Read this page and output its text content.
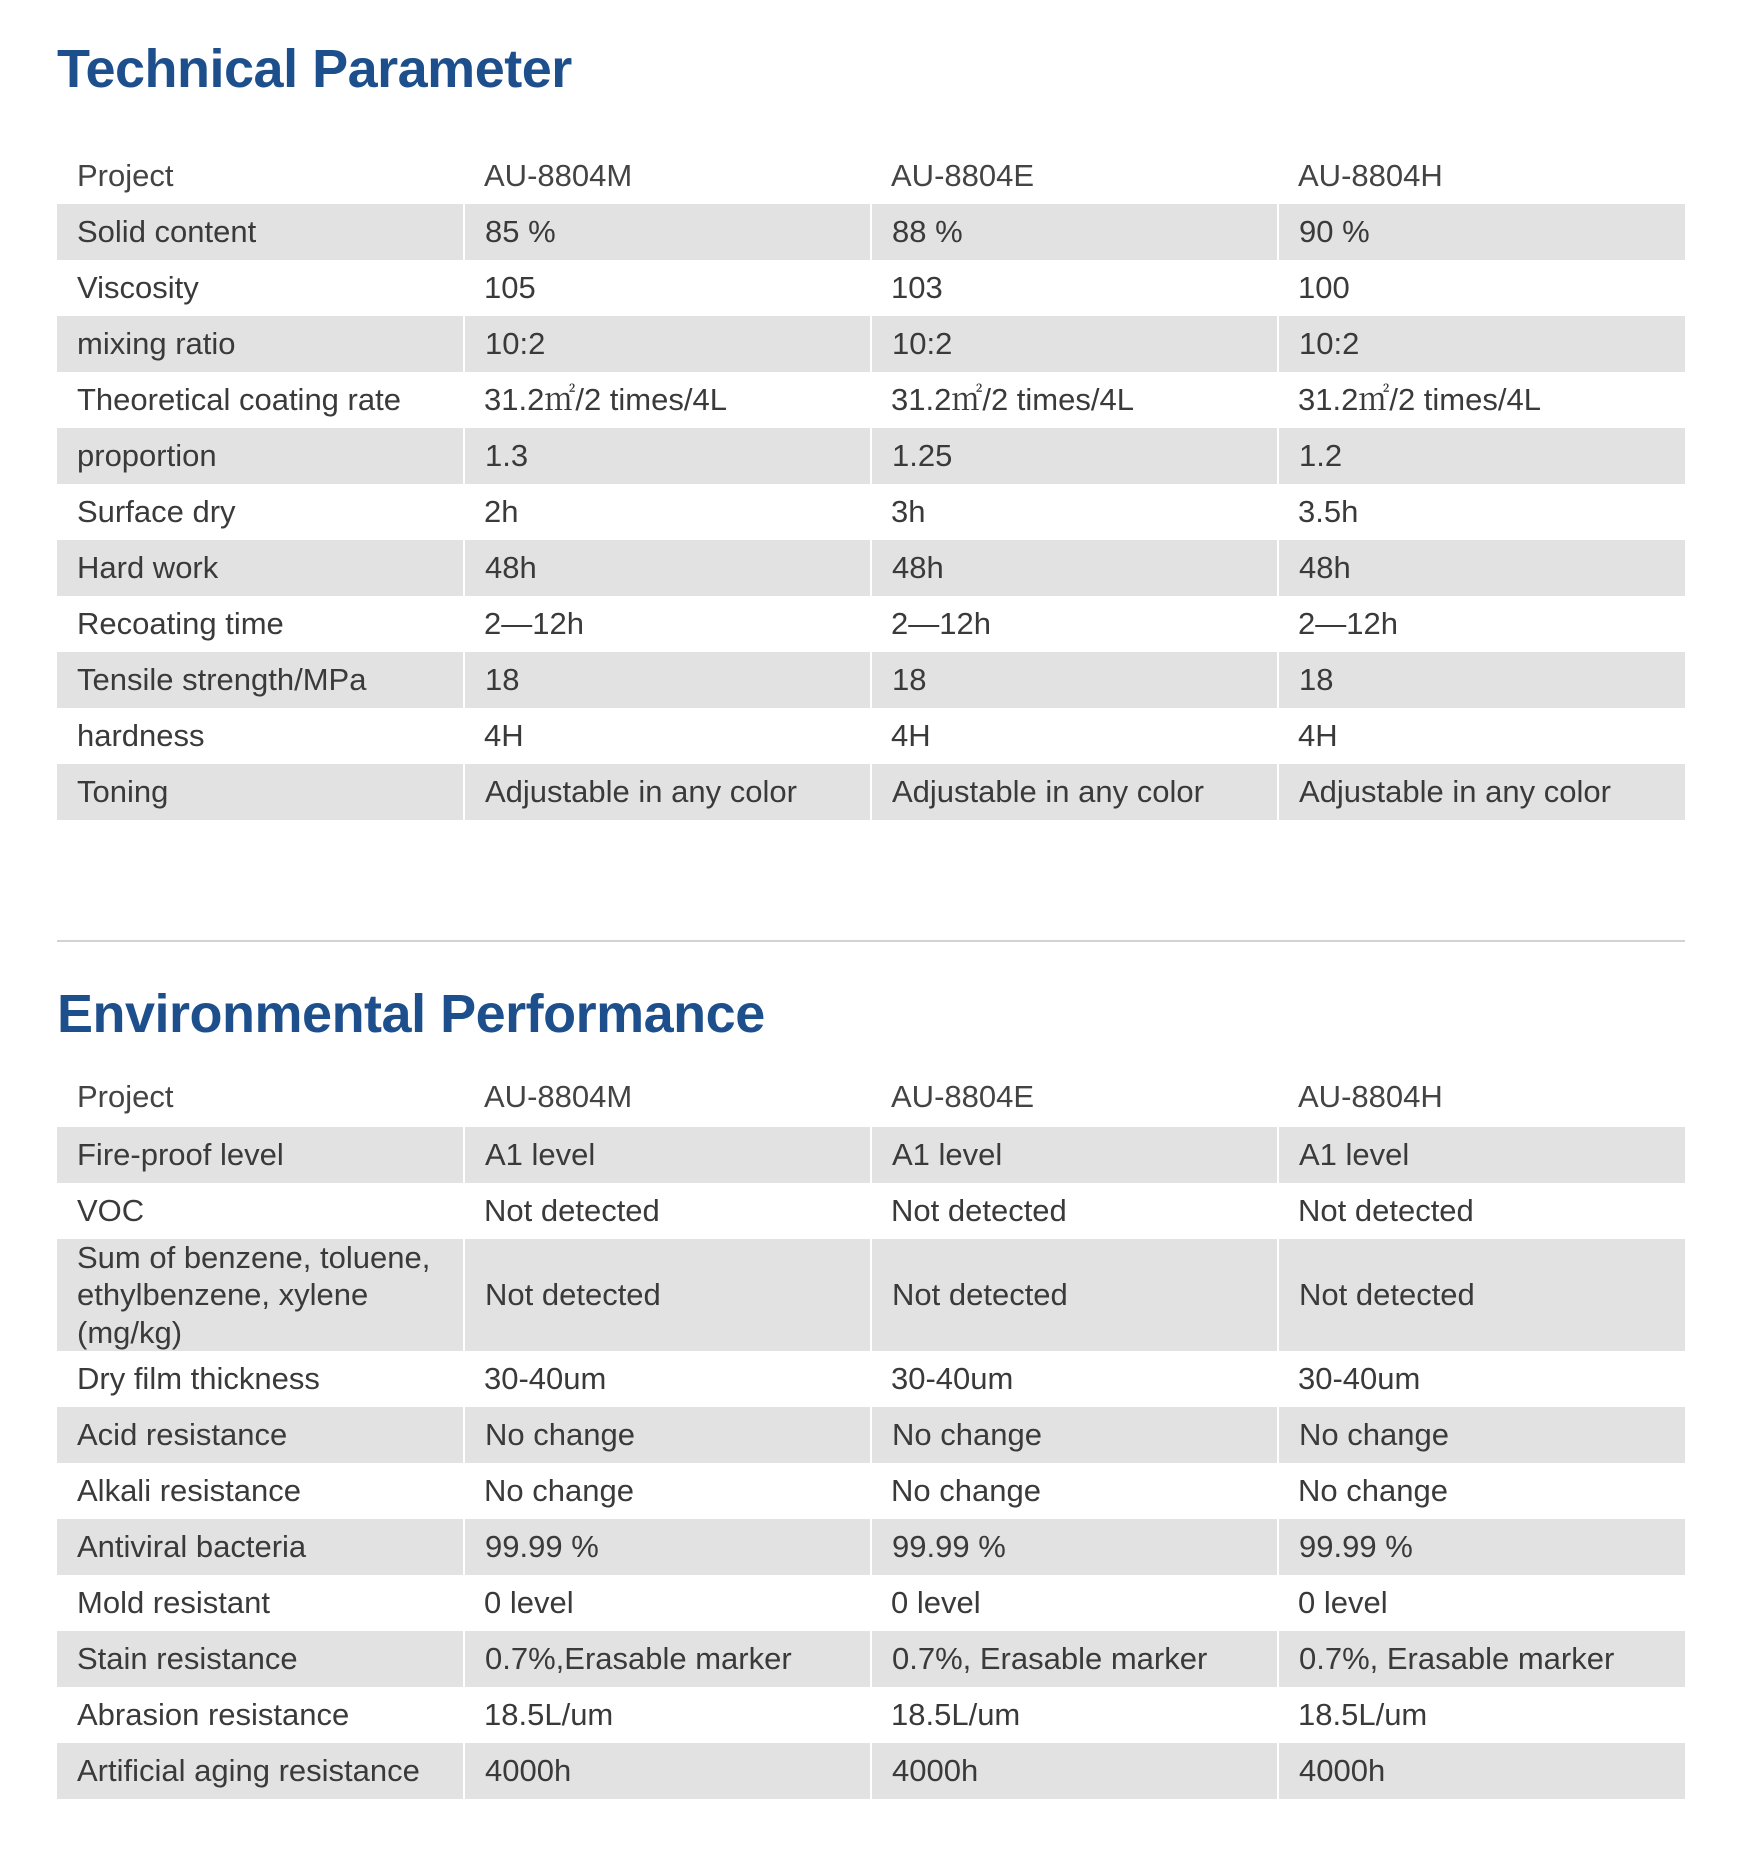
Technical Parameter
Project	AU-8804M	AU-8804E	AU-8804H
Solid content	85 %	88 %	90 %
Viscosity	105	103	100
mixing ratio	10:2	10:2	10:2
Theoretical coating rate	31.2㎡/2 times/4L	31.2㎡/2 times/4L	31.2㎡/2 times/4L
proportion	1.3	1.25	1.2
Surface dry	2h	3h	3.5h
Hard work	48h	48h	48h
Recoating time	2—12h	2—12h	2—12h
Tensile strength/MPa	18	18	18
hardness	4H	4H	4H
Toning	Adjustable in any color	Adjustable in any color	Adjustable in any color
Environmental Performance
Project	AU-8804M	AU-8804E	AU-8804H
Fire-proof level	A1 level	A1 level	A1 level
VOC	Not detected	Not detected	Not detected
Sum of benzene, toluene, ethylbenzene, xylene (mg/kg)	Not detected	Not detected	Not detected
Dry film thickness	30-40um	30-40um	30-40um
Acid resistance	No change	No change	No change
Alkali resistance	No change	No change	No change
Antiviral bacteria	99.99 %	99.99 %	99.99 %
Mold resistant	0 level	0 level	0 level
Stain resistance	0.7%,Erasable marker	0.7%, Erasable marker	0.7%, Erasable marker
Abrasion resistance	18.5L/um	18.5L/um	18.5L/um
Artificial aging resistance	4000h	4000h	4000h
